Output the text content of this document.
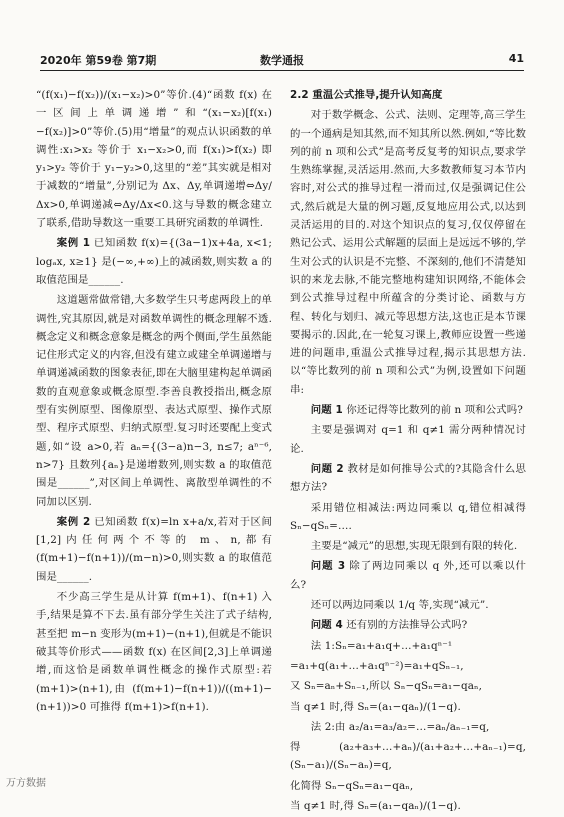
2020年 第59卷 第7期	数学通报	41

“(f(x₁)−f(x₂))/(x₁−x₂)>0”等价.(4)“函数 f(x) 在一区间上单调递增”和“(x₁−x₂)[f(x₁)−f(x₂)]>0”等价.(5)用“增量”的观点认识函数的单调性:x₁>x₂ 等价于 x₁−x₂>0,而 f(x₁)>f(x₂) 即 y₁>y₂ 等价于 y₁−y₂>0,这里的“差”其实就是相对于减数的“增量”,分别记为 Δx、Δy,单调递增⇔Δy/Δx>0,单调递减⇔Δy/Δx<0.这与导数的概念建立了联系,借助导数这一重要工具研究函数的单调性.

案例 1 已知函数 f(x)={(3a−1)x+4a, x<1; logₐx, x≥1} 是(−∞,+∞)上的减函数,则实数 a 的取值范围是______.

这道题常做常错,大多数学生只考虑两段上的单调性,究其原因,就是对函数单调性的概念理解不透.概念定义和概念意象是概念的两个侧面,学生虽然能记住形式定义的内容,但没有建立或建全单调递增与单调递减函数的图象表征,即在大脑里建构起单调函数的直观意象或概念原型.李善良教授指出,概念原型有实例原型、图像原型、表达式原型、操作式原型、程序式原型、归纳式原型.复习时还要配上变式题,如“设 a>0,若 aₙ={(3−a)n−3, n≤7; aⁿ⁻⁶, n>7} 且数列{aₙ}是递增数列,则实数 a 的取值范围是______”,对区间上单调性、离散型单调性的不同加以区别.

案例 2 已知函数 f(x)=ln x+a/x,若对于区间[1,2]内任何两个不等的 m、n,都有 (f(m+1)−f(n+1))/(m−n)>0,则实数 a 的取值范围是______.

不少高三学生是从计算 f(m+1)、f(n+1) 入手,结果是算不下去.虽有部分学生关注了式子结构,甚至把 m−n 变形为(m+1)−(n+1),但就是不能识破其等价形式——函数 f(x) 在区间[2,3]上单调递增,而这恰是函数单调性概念的操作式原型:若(m+1)>(n+1),由 (f(m+1)−f(n+1))/((m+1)−(n+1))>0 可推得 f(m+1)>f(n+1).

2.2 重温公式推导,提升认知高度

对于数学概念、公式、法则、定理等,高三学生的一个通病是知其然,而不知其所以然.例如,“等比数列的前 n 项和公式”是高考反复考的知识点,要求学生熟练掌握,灵活运用.然而,大多数教师复习本节内容时,对公式的推导过程一滑而过,仅是强调记住公式,然后就是大量的例习题,反复地应用公式,以达到灵活运用的目的.对这个知识点的复习,仅仅停留在熟记公式、运用公式解题的层面上是远远不够的,学生对公式的认识是不完整、不深刻的,他们不清楚知识的来龙去脉,不能完整地构建知识网络,不能体会到公式推导过程中所蕴含的分类讨论、函数与方程、转化与划归、减元等思想方法,这也正是本节课要揭示的.因此,在一轮复习课上,教师应设置一些递进的问题串,重温公式推导过程,揭示其思想方法.以“等比数列的前 n 项和公式”为例,设置如下问题串:

问题 1 你还记得等比数列的前 n 项和公式吗?

主要是强调对 q=1 和 q≠1 需分两种情况讨论.

问题 2 教材是如何推导公式的?其隐含什么思想方法?

采用错位相减法:两边同乘以 q,错位相减得 Sₙ−qSₙ=….

主要是“减元”的思想,实现无限到有限的转化.

问题 3 除了两边同乘以 q 外,还可以乘以什么?

还可以两边同乘以 1/q 等,实现“减元”.

问题 4 还有别的方法推导公式吗?

法 1:Sₙ=a₁+a₁q+…+a₁qⁿ⁻¹

=a₁+q(a₁+…+a₁qⁿ⁻²)=a₁+qSₙ₋₁,

又 Sₙ=aₙ+Sₙ₋₁,所以 Sₙ−qSₙ=a₁−qaₙ,

当 q≠1 时,得 Sₙ=(a₁−qaₙ)/(1−q).

法 2:由 a₂/a₁=a₃/a₂=…=aₙ/aₙ₋₁=q,

得 (a₂+a₃+…+aₙ)/(a₁+a₂+…+aₙ₋₁)=q,(Sₙ−a₁)/(Sₙ−aₙ)=q,

化简得 Sₙ−qSₙ=a₁−qaₙ,

当 q≠1 时,得 Sₙ=(a₁−qaₙ)/(1−q).

万方数据
